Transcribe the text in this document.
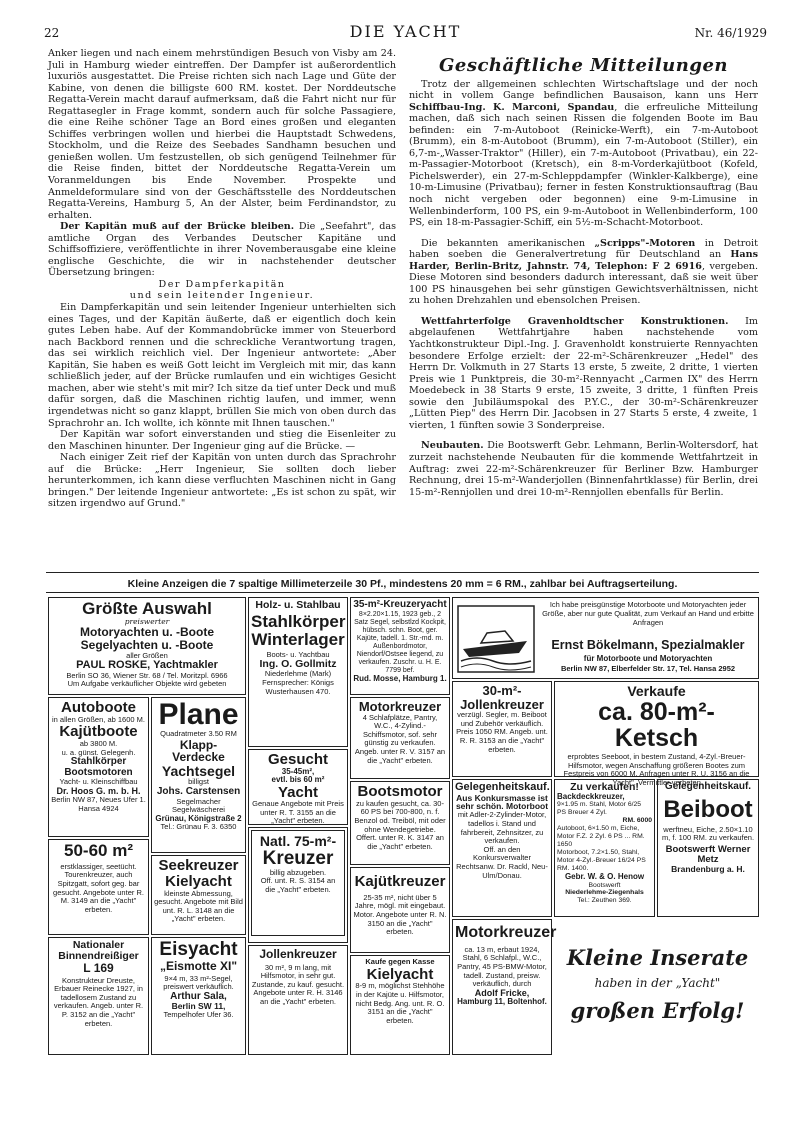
22	DIE YACHT	Nr. 46/1929

Anker liegen und nach einem mehrstündigen Besuch von Visby am 24. Juli in Hamburg wieder eintreffen. Der Dampfer ist außerordentlich luxuriös ausgestattet. Die Preise richten sich nach Lage und Güte der Kabine, von denen die billigste 600 RM. kostet. Der Norddeutsche Regatta-Verein macht darauf aufmerksam, daß die Fahrt nicht nur für Regattasegler in Frage kommt, sondern auch für solche Passagiere, die eine Reihe schöner Tage an Bord eines großen und eleganten Schiffes verbringen wollen und hierbei die Hauptstadt Schwedens, Stockholm, und die Reize des Seebades Sandhamn besuchen und genießen wollen. Um festzustellen, ob sich genügend Teilnehmer für die Reise finden, bittet der Norddeutsche Regatta-Verein um Voranmeldungen bis Ende November. Prospekte und Anmeldeformulare sind von der Geschäftsstelle des Norddeutschen Regatta-Vereins, Hamburg 5, An der Alster, beim Ferdinandstor, zu erhalten.

Der Kapitän muß auf der Brücke bleiben. Die „Seefahrt", das amtliche Organ des Verbandes Deutscher Kapitäne und Schiffsoffiziere, veröffentlichte in ihrer Novemberausgabe eine kleine englische Geschichte, die wir in nachstehender deutscher Übersetzung bringen:

Der Dampferkapitän

und sein leitender Ingenieur.

Ein Dampferkapitän und sein leitender Ingenieur unterhielten sich eines Tages, und der Kapitän äußerte, daß er eigentlich doch kein gutes Leben habe. Auf der Kommandobrücke immer von Steuerbord nach Backbord rennen und die schreckliche Verantwortung tragen, das sei wirklich reichlich viel. Der Ingenieur antwortete: „Aber Kapitän, Sie haben es weiß Gott leicht im Vergleich mit mir, das kann schließlich jeder, auf der Brücke rumlaufen und ein wichtiges Gesicht machen, aber wie steht's mit mir? Ich sitze da tief unter Deck und muß dafür sorgen, daß die Maschinen richtig laufen, und immer, wenn irgendetwas nicht so ganz klappt, brüllen Sie mich von oben durch das Sprachrohr an. Ich wollte, ich könnte mit Ihnen tauschen."

Der Kapitän war sofort einverstanden und stieg die Eisenleiter zu den Maschinen hinunter. Der Ingenieur ging auf die Brücke. —

Nach einiger Zeit rief der Kapitän von unten durch das Sprachrohr auf die Brücke: „Herr Ingenieur, Sie sollten doch lieber herunterkommen, ich kann diese verfluchten Maschinen nicht in Gang bringen." Der leitende Ingenieur antwortete: „Es ist schon zu spät, wir sitzen irgendwo auf Grund."

Geschäftliche Mitteilungen

Trotz der allgemeinen schlechten Wirtschaftslage und der noch nicht in vollem Gange befindlichen Bausaison, kann uns Herr Schiffbau-Ing. K. Marconi, Spandau, die erfreuliche Mitteilung machen, daß sich nach seinen Rissen die folgenden Boote im Bau befinden: ein 7-m-Autoboot (Reinicke-Werft), ein 7-m-Autoboot (Brumm), ein 8-m-Autoboot (Brumm), ein 7-m-Autoboot (Stiller), ein 6,7-m-„Wasser-Traktor" (Hiller), ein 7-m-Autoboot (Privatbau), ein 22-m-Passagier-Motorboot (Kretsch), ein 8-m-Vorderkajütboot (Kofeld, Pichelswerder), ein 27-m-Schleppdampfer (Winkler-Kalkberge), eine 10-m-Limusine (Privatbau); ferner in festen Konstruktionsauftrag (Bau noch nicht vergeben oder begonnen) eine 9-m-Limusine in Wellenbinderform, 100 PS, ein 9-m-Autoboot in Wellenbinderform, 100 PS, ein 18-m-Passagier-Schiff, ein 5½-m-Schacht-Motorboot.

Die bekannten amerikanischen „Scripps"-Motoren in Detroit haben soeben die Generalvertretung für Deutschland an Hans Harder, Berlin-Britz, Jahnstr. 74, Telephon: F 2 6916, vergeben. Diese Motoren sind besonders dadurch interessant, daß sie weit über 100 PS hinausgehen bei sehr günstigen Gewichtsverhältnissen, nicht zu hohen Drehzahlen und ebensolchen Preisen.

Wettfahrterfolge Gravenholdtscher Konstruktionen. Im abgelaufenen Wettfahrtjahre haben nachstehende vom Yachtkonstrukteur Dipl.-Ing. J. Gravenholdt konstruierte Rennyachten besondere Erfolge erzielt: der 22-m²-Schärenkreuzer „Hedel" des Herrn Dr. Volkmuth in 27 Starts 13 erste, 5 zweite, 2 dritte, 1 vierten Preis wie 1 Punktpreis, die 30-m²-Rennyacht „Carmen IX" des Herrn Moedebeck in 38 Starts 9 erste, 15 zweite, 3 dritte, 1 fünften Preis sowie den Jubiläumspokal des P.Y.C., der 30-m²-Schärenkreuzer „Lütten Piep" des Herrn Dir. Jacobsen in 27 Starts 5 erste, 4 zweite, 1 vierten, 1 fünften sowie 3 Sonderpreise.

Neubauten. Die Bootswerft Gebr. Lehmann, Berlin-Woltersdorf, hat zurzeit nachstehende Neubauten für die kommende Wettfahrtzeit in Auftrag: zwei 22-m²-Schärenkreuzer für Berliner Bzw. Hamburger Rechnung, drei 15-m²-Wanderjollen (Binnenfahrtklasse) für Berlin, drei 15-m²-Rennjollen und drei 10-m²-Rennjollen ebenfalls für Berlin.

Kleine Anzeigen die 7 spaltige Millimeterzeile 30 Pf., mindestens 20 mm = 6 RM., zahlbar bei Auftragserteilung.
Größte Auswahl
preiswerter
Motoryachten u. -Boote
Segelyachten u. -Boote
aller Größen
PAUL ROSKE, Yachtmakler
Berlin SO 36, Wiener Str. 68 / Tel. Moritzpl. 6966
Um Aufgabe verkäuflicher Objekte wird gebeten
Autoboote
in allen Größen, ab 1600 M.
Kajütboote
ab 3800 M.
u. a. günst. Gelegenh.
Stahlkörper Bootsmotoren
Yacht- u. Kleinschiffbau
Dr. Hoos G. m. b. H.
Berlin NW 87, Neues Ufer 1. Hansa 4924
50-60 m²
erstklassiger, seetücht. Tourenkreuzer, auch Spitzgatt, sofort geg. bar gesucht. Angebote unter R. M. 3149 an die „Yacht" erbeten.
Nationaler Binnendreißiger
L 169
Konstrukteur Dreuste, Erbauer Reinecke 1927, in tadellosem Zustand zu verkaufen. Angeb. unter R. P. 3152 an die „Yacht" erbeten.
Plane
Quadratmeter 3.50 RM
Klapp-Verdecke
Yachtsegel
billigst
Johs. Carstensen
Segelmacher Segelwäscherei
Grünau, Königstraße 2
Tel.: Grünau F. 3. 6350
Seekreuzer
Kielyacht
kleinste Abmessung, gesucht. Angebote mit Bild unt. R. L. 3148 an die „Yacht" erbeten.
Eisyacht
„Eismotte XI"
9×4 m, 33 m²-Segel, preiswert verkäuflich.
Arthur Sala,
Berlin SW 11,
Tempelhofer Ufer 36.
Holz- u. Stahlbau
Stahlkörper
Winterlager
Boots- u. Yachtbau
Ing. O. Gollmitz
Niederlehme (Mark)
Fernsprecher: Königs Wusterhausen 470.
Gesucht
35-45m²,
evtl. bis 60 m²
Yacht
Genaue Angebote mit Preis unter R. T. 3155 an die „Yacht" erbeten.
Natl. 75-m²-
Kreuzer
billig abzugeben.
Off. unt. R. S. 3154 an die „Yacht" erbeten.
Jollenkreuzer
30 m², 9 m lang, mit Hilfsmotor, in sehr gut. Zustande, zu kauf. gesucht. Angebote unter R. H. 3146 an die „Yacht" erbeten.
35-m²-Kreuzeryacht
8×2.20×1.15, 1923 geb., 2 Satz Segel, selbstlzd Kockpit, hübsch. schn. Boot, ger. Kajüte, tadell. 1. Str.-md. m. Außenbordmotor, Niendorf/Ostsee liegend, zu verkaufen. Zuschr. u. H. E. 7799 bef.
Rud. Mosse, Hamburg 1.
Motorkreuzer
4 Schlafplätze, Pantry, W.C., 4-Zylind.-Schiffsmotor, sof. sehr günstig zu verkaufen. Angeb. unter R. V. 3157 an die „Yacht" erbeten.
Bootsmotor
zu kaufen gesucht, ca. 30-60 PS bei 700-800, n. f. Benzol od. Treiböl, mit oder ohne Wendegetriebe. Offert. unter R. K. 3147 an die „Yacht" erbeten.
Kajütkreuzer
25-35 m², nicht über 5 Jahre, mögl. mit eingebaut. Motor. Angebote unter R. N. 3150 an die „Yacht" erbeten.
Kaufe gegen Kasse
Kielyacht
8-9 m, möglichst Stehhöhe in der Kajüte u. Hilfsmotor, nicht Bedg. Ang. unt. R. O. 3151 an die „Yacht" erbeten.
Ich habe preisgünstige Motorboote und Motoryachten jeder Größe, aber nur gute Qualität, zum Verkauf an Hand und erbitte Anfragen
Ernst Bökelmann, Spezialmakler
für Motorboote und Motoryachten
Berlin NW 87, Elberfelder Str. 17, Tel. Hansa 2952
30-m²-
Jollenkreuzer
verzügl. Segler, m. Beiboot und Zubehör verkäuflich. Preis 1050 RM. Angeb. unt. R. R. 3153 an die „Yacht" erbeten.
Gelegenheitskauf.
Aus Konkursmasse ist sehr schön. Motorboot
mit Adler-2-Zylinder-Motor, tadellos i. Stand und fahrbereit, Zehnsitzer, zu verkaufen.
Off. an den Konkursverwalter Rechtsanw. Dr. Rackl, Neu-Ulm/Donau.
Motorkreuzer
ca. 13 m, erbaut 1924, Stahl, 6 Schlafpl., W.C., Pantry, 45 PS-BMW-Motor, tadell. Zustand, preisw. verkäuflich, durch
Adolf Fricke,
Hamburg 11, Boltenhof.
Verkaufe
ca. 80-m²-Ketsch
erprobtes Seeboot, in bestem Zustand, 4-Zyl.-Breuer-Hilfsmotor, wegen Anschaffung größeren Bootes zum Festpreis von 6000 M. Anfragen unter R. U. 3156 an die „Yacht". Vermittler verbeten.
Zu verkaufen!
Backdeckkreuzer,
9×1.95 m. Stahl, Motor 6/25 PS Breuer 4 Zyl.
RM. 6000
Autoboot, 6×1.50 m, Eiche, Motor F.Z. 2 Zyl. 6 PS ... RM. 1650
Motorboot, 7.2×1.50, Stahl, Motor 4-Zyl.-Breuer 16/24 PS RM. 1400.
Gebr. W. & O. Henow
Bootswerft
Niederlehme-Ziegenhals
Tel.: Zeuthen 369.
Gelegenheitskauf.
Beiboot
werftneu, Eiche, 2.50×1.10 m, f. 100 RM. zu verkaufen.
Bootswerft Werner Metz
Brandenburg a. H.
Kleine Inserate
haben in der „Yacht"
großen Erfolg!
